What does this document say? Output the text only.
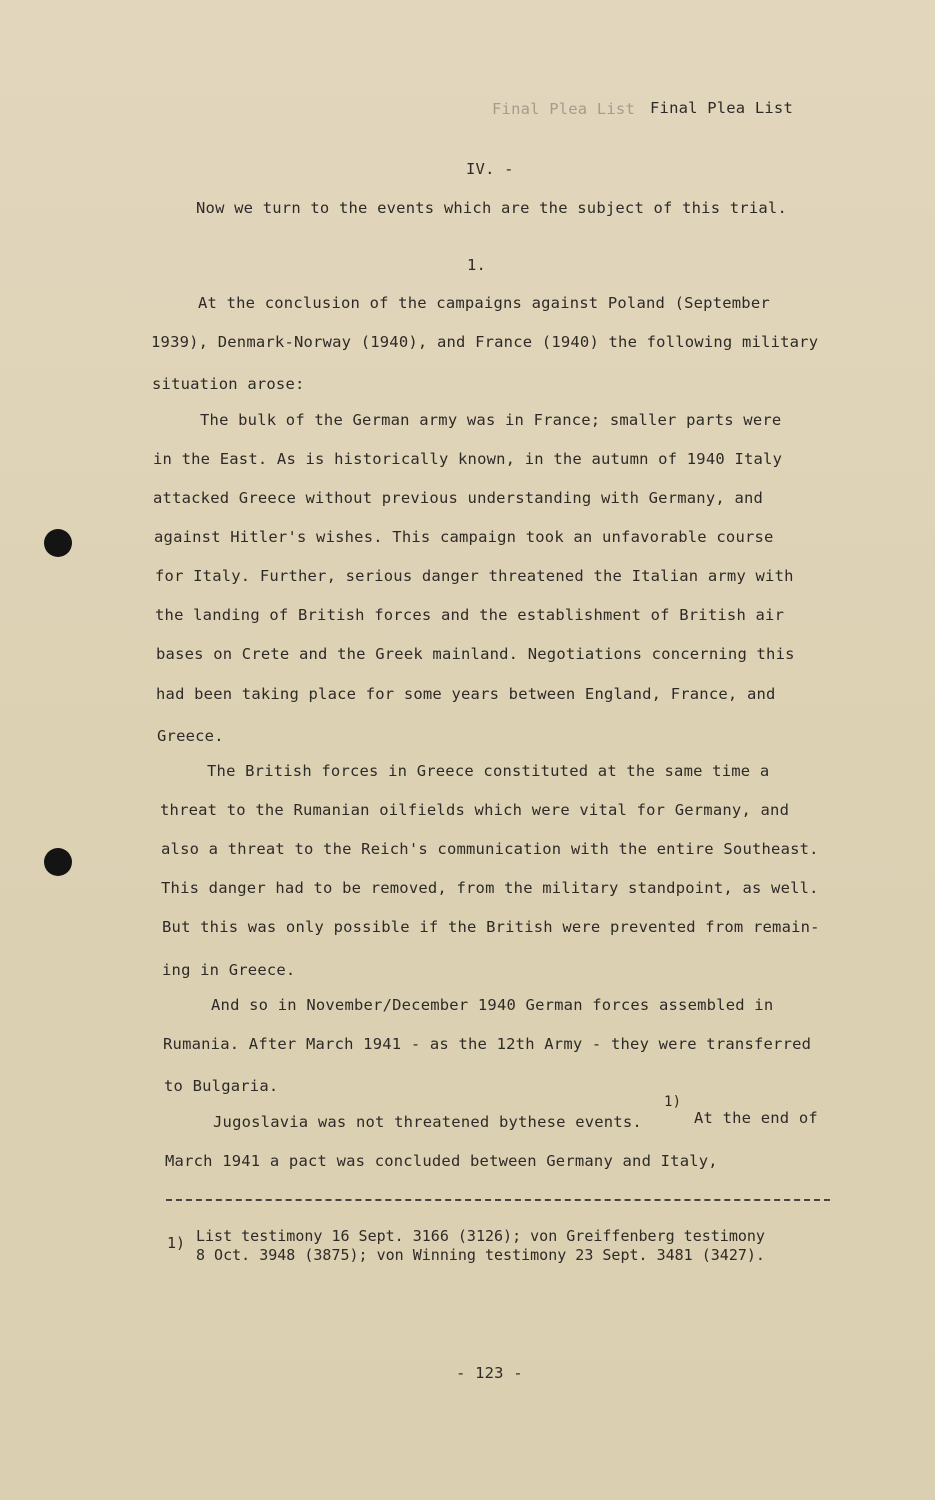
Final Plea List Final Plea List
IV. -
Now we turn to the events which are the subject of this trial.
1.
At the conclusion of the campaigns against Poland (September
1939), Denmark-Norway (1940), and France (1940) the following military
situation arose:
The bulk of the German army was in France; smaller parts were
in the East. As is historically known, in the autumn of 1940 Italy
attacked Greece without previous understanding with Germany, and
against Hitler's wishes. This campaign took an unfavorable course
for Italy. Further, serious danger threatened the Italian army with
the landing of British forces and the establishment of British air
bases on Crete and the Greek mainland. Negotiations concerning this
had been taking place for some years between England, France, and
Greece.
The British forces in Greece constituted at the same time a
threat to the Rumanian oilfields which were vital for Germany, and
also a threat to the Reich's communication with the entire Southeast.
This danger had to be removed, from the military standpoint, as well.
But this was only possible if the British were prevented from remain-
ing in Greece.
And so in November/December 1940 German forces assembled in
Rumania. After March 1941 - as the 12th Army - they were transferred
to Bulgaria.
Jugoslavia was not threatened bythese events.
1)
At the end of
March 1941 a pact was concluded between Germany and Italy,
1) List testimony 16 Sept. 3166 (3126); von Greiffenberg testimony
8 Oct. 3948 (3875); von Winning testimony 23 Sept. 3481 (3427).
- 123 -
